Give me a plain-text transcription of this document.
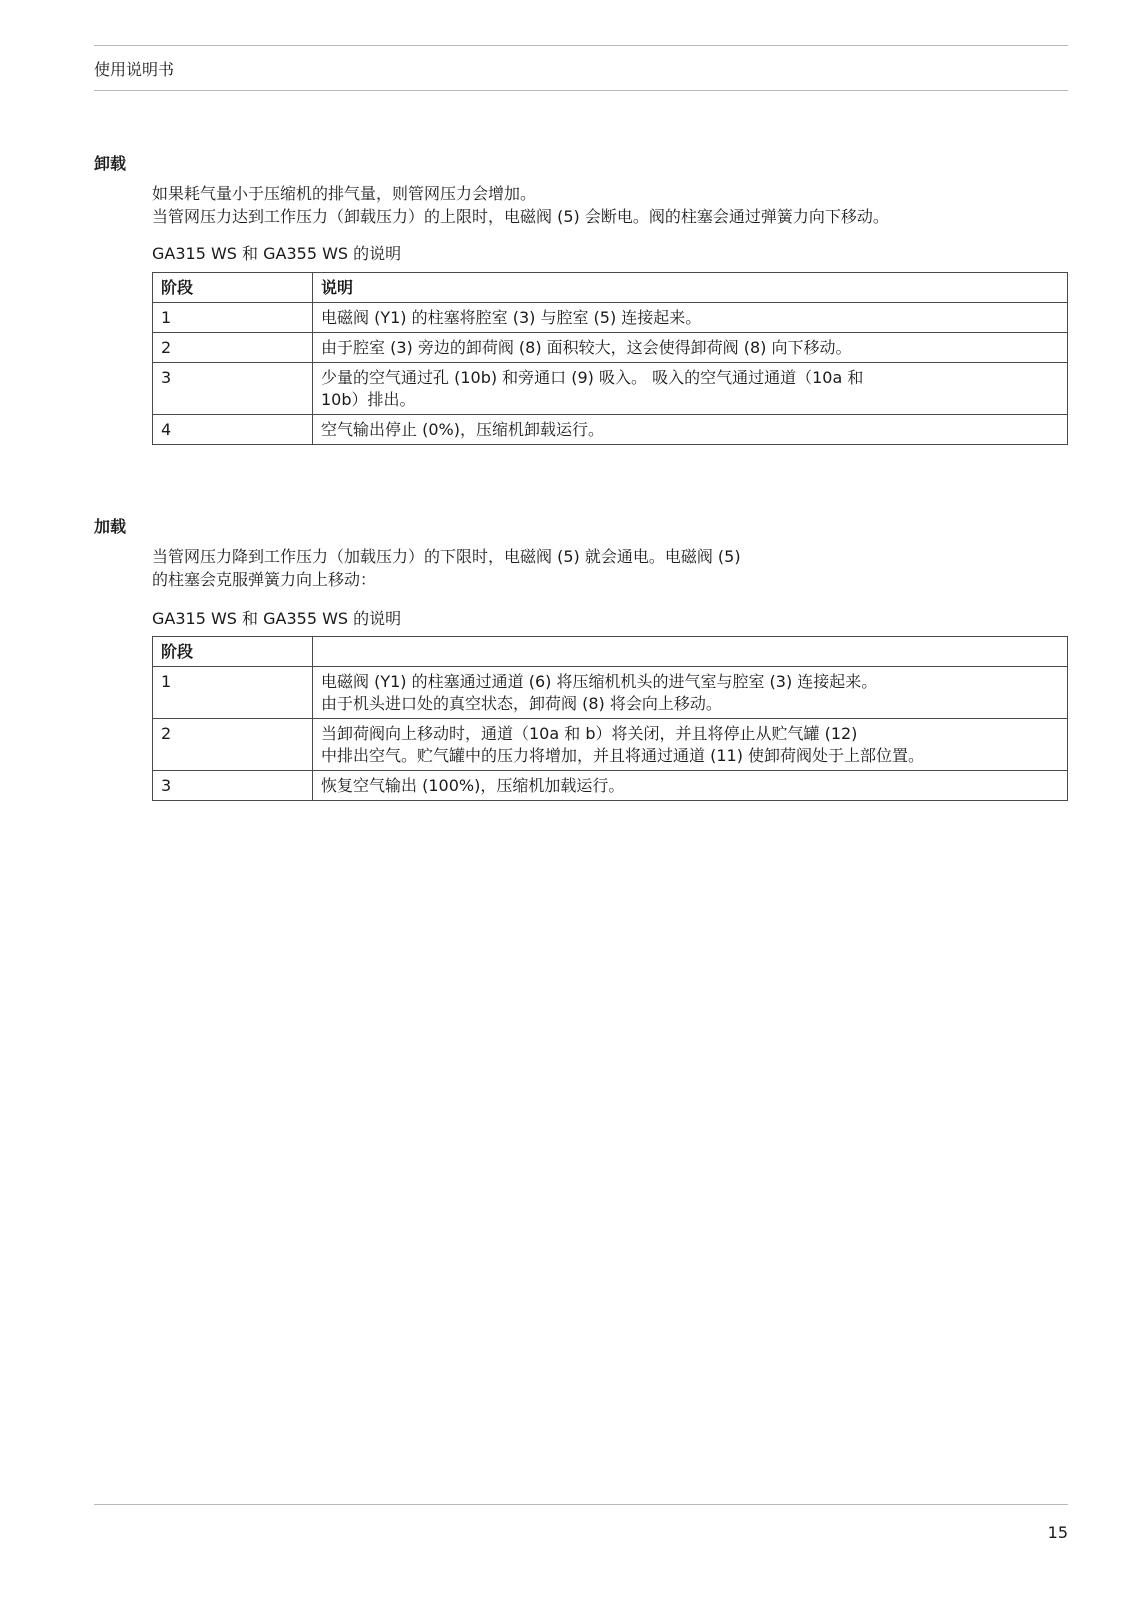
使用说明书
卸载
如果耗气量小于压缩机的排气量，则管网压力会增加。
当管网压力达到工作压力（卸载压力）的上限时，电磁阀 (5) 会断电。阀的柱塞会通过弹簧力向下移动。
GA315 WS 和 GA355 WS 的说明
阶段	说明
1	电磁阀 (Y1) 的柱塞将腔室 (3) 与腔室 (5) 连接起来。

2	由于腔室 (3) 旁边的卸荷阀 (8) 面积较大，这会使得卸荷阀 (8) 向下移动。

3	少量的空气通过孔 (10b) 和旁通口 (9) 吸入。 吸入的空气通过通道（10a 和
10b）排出。

4	空气输出停止 (0%)，压缩机卸载运行。
加载
当管网压力降到工作压力（加载压力）的下限时，电磁阀 (5) 就会通电。电磁阀 (5)
的柱塞会克服弹簧力向上移动：
GA315 WS 和 GA355 WS 的说明
阶段	
1	电磁阀 (Y1) 的柱塞通过通道 (6) 将压缩机机头的进气室与腔室 (3) 连接起来。
由于机头进口处的真空状态，卸荷阀 (8) 将会向上移动。

2	当卸荷阀向上移动时，通道（10a 和 b）将关闭，并且将停止从贮气罐 (12)
中排出空气。贮气罐中的压力将增加，并且将通过通道 (11) 使卸荷阀处于上部位置。

3	恢复空气输出 (100%)，压缩机加载运行。
15
